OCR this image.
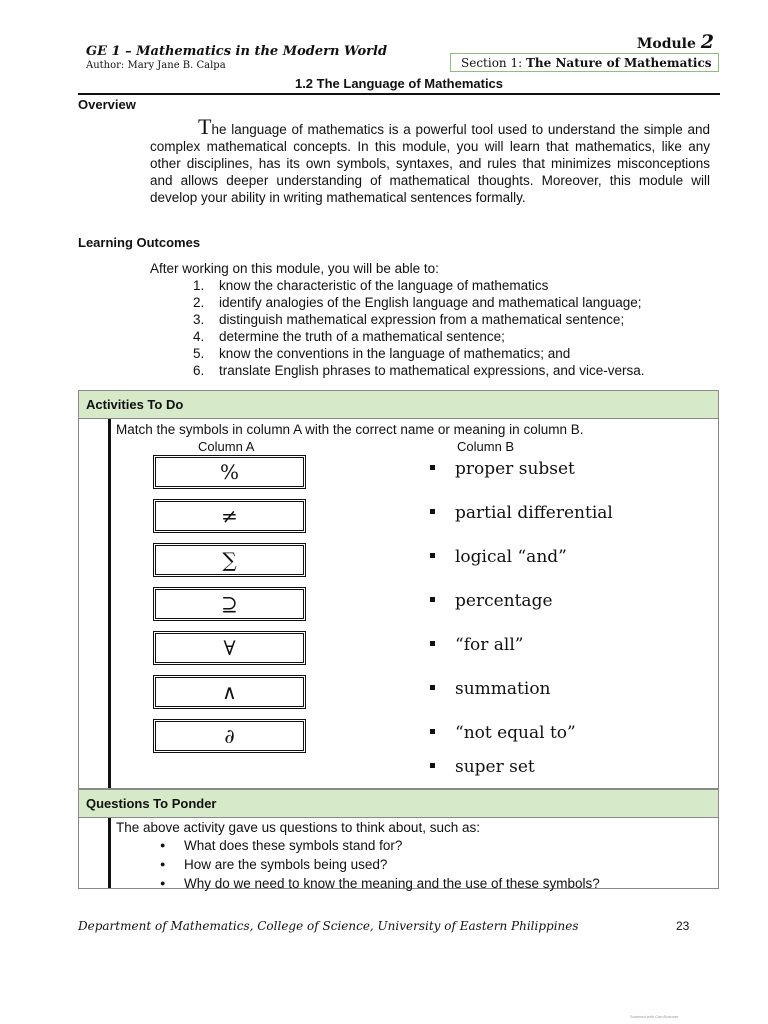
GE 1 – Mathematics in the Modern World
Author: Mary Jane B. Calpa
Module 2
Section 1: The Nature of Mathematics
1.2 The Language of Mathematics
Overview

The language of mathematics is a powerful tool used to understand the simple and complex mathematical concepts. In this module, you will learn that mathematics, like any other disciplines, has its own symbols, syntaxes, and rules that minimizes misconceptions and allows deeper understanding of mathematical thoughts. Moreover, this module will develop your ability in writing mathematical sentences formally.

Learning Outcomes
After working on this module, you will be able to:
1. know the characteristic of the language of mathematics
2. identify analogies of the English language and mathematical language;
3. distinguish mathematical expression from a mathematical sentence;
4. determine the truth of a mathematical sentence;
5. know the conventions in the language of mathematics; and
6. translate English phrases to mathematical expressions, and vice-versa.
Activities To Do
Match the symbols in column A with the correct name or meaning in column B.
Column A	Column B
%
≠
∑
⊇
∀
∧
∂
proper subset
partial differential
logical “and”
percentage
“for all”
summation
“not equal to”
super set
Questions To Ponder
The above activity gave us questions to think about, such as:
● What does these symbols stand for?
● How are the symbols being used?
● Why do we need to know the meaning and the use of these symbols?
Department of Mathematics, College of Science, University of Eastern Philippines	23
Scanned with CamScanner
